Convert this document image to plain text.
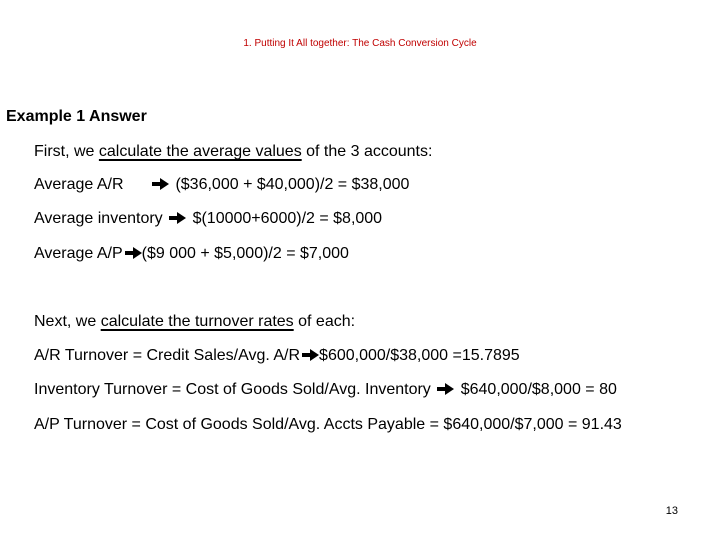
1. Putting It All together: The Cash Conversion Cycle
Example 1 Answer
First, we calculate the average values of the 3 accounts:
Average A/R	($36,000 + $40,000)/2 = $38,000
Average inventory $(10000+6000)/2 = $8,000
Average A/P ($9 000 + $5,000)/2 = $7,000
Next, we calculate the turnover rates of each:
A/R Turnover = Credit Sales/Avg. A/R $600,000/$38,000 =15.7895
Inventory Turnover = Cost of Goods Sold/Avg. Inventory $640,000/$8,000 = 80
A/P Turnover = Cost of Goods Sold/Avg. Accts Payable = $640,000/$7,000 = 91.43
13
